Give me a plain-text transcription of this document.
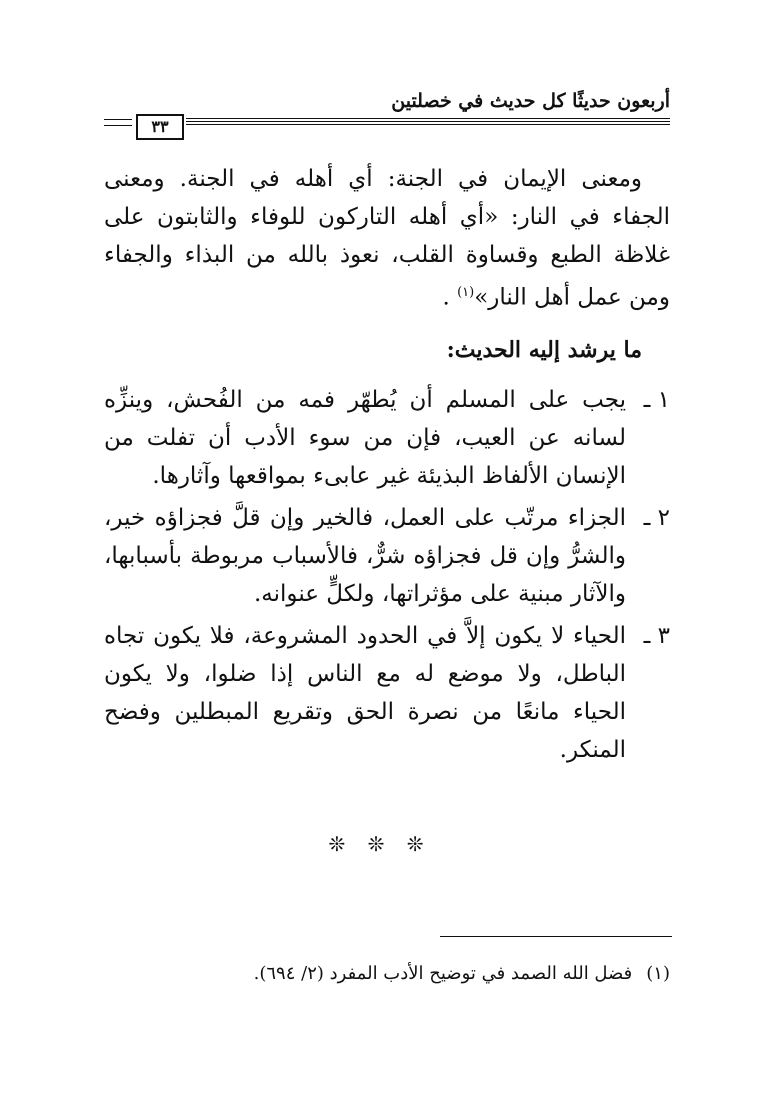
أربعون حديثًا كل حديث في خصلتين
٣٣

ومعنى الإيمان في الجنة: أي أهله في الجنة. ومعنى الجفاء في النار: «أي أهله التاركون للوفاء والثابتون على غلاظة الطبع وقساوة القلب، نعوذ بالله من البذاء والجفاء ومن عمل أهل النار»$^{(١)}$ .

ما يرشد إليه الحديث:
١ ـ
يجب على المسلم أن يُطهّر فمه من الفُحش، وينزِّه لسانه عن العيب، فإن من سوء الأدب أن تفلت من الإنسان الألفاظ البذيئة غير عابىء بمواقعها وآثارها.
٢ ـ
الجزاء مرتّب على العمل، فالخير وإن قلَّ فجزاؤه خير، والشرُّ وإن قل فجزاؤه شرٌّ، فالأسباب مربوطة بأسبابها، والآثار مبنية على مؤثراتها، ولكلٍّ عنوانه.
٣ ـ
الحياء لا يكون إلاَّ في الحدود المشروعة، فلا يكون تجاه الباطل، ولا موضع له مع الناس إذا ضلوا، ولا يكون الحياء مانعًا من نصرة الحق وتقريع المبطلين وفضح المنكر.
❊ ❊ ❊
(١)فضل الله الصمد في توضيح الأدب المفرد (٢/ ٦٩٤).
